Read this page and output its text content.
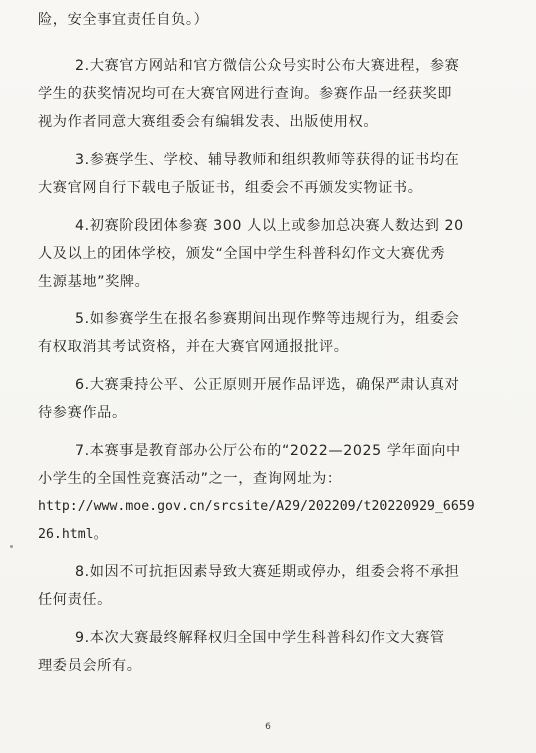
险，安全事宜责任自负。）

2.大赛官方网站和官方微信公众号实时公布大赛进程，参赛
学生的获奖情况均可在大赛官网进行查询。参赛作品一经获奖即
视为作者同意大赛组委会有编辑发表、出版使用权。

3.参赛学生、学校、辅导教师和组织教师等获得的证书均在
大赛官网自行下载电子版证书，组委会不再颁发实物证书。

4.初赛阶段团体参赛 300 人以上或参加总决赛人数达到 20
人及以上的团体学校，颁发“全国中学生科普科幻作文大赛优秀
生源基地”奖牌。

5.如参赛学生在报名参赛期间出现作弊等违规行为，组委会
有权取消其考试资格，并在大赛官网通报批评。

6.大赛秉持公平、公正原则开展作品评选，确保严肃认真对
待参赛作品。

7.本赛事是教育部办公厅公布的“2022—2025 学年面向中
小学生的全国性竞赛活动”之一，查询网址为：
http://www.moe.gov.cn/srcsite/A29/202209/t20220929_6659
26.html。

8.如因不可抗拒因素导致大赛延期或停办，组委会将不承担
任何责任。

9.本次大赛最终解释权归全国中学生科普科幻作文大赛管
理委员会所有。

6
